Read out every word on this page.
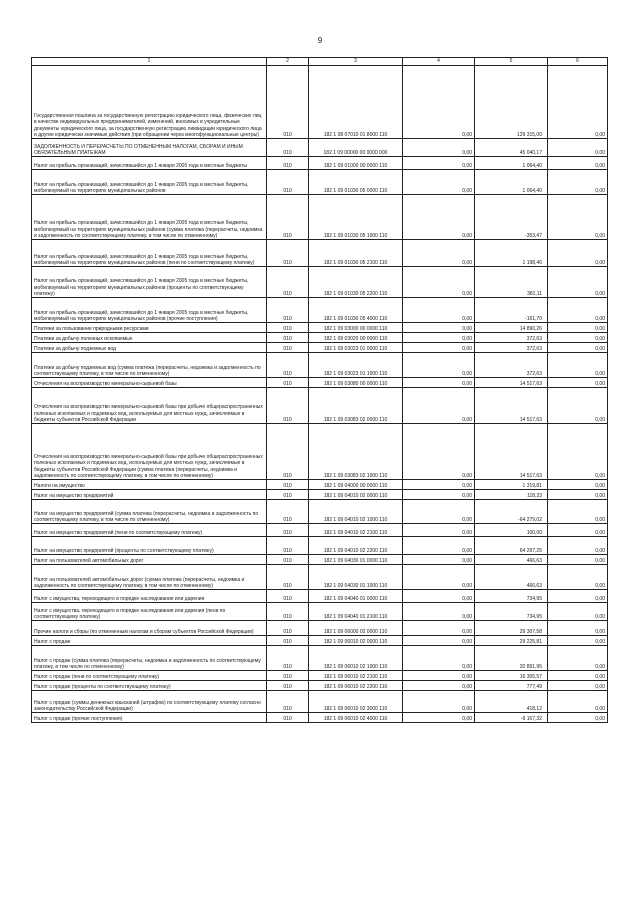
9
1	2	3	4	5	6
Государственная пошлина за государственную регистрацию юридического лица, физических лиц в качестве индивидуальных предпринимателей, изменений, вносимых в учредительные документы юридического лица, за государственную регистрацию ликвидации юридического лица и другие юридически значимые действия (при обращении через многофункциональные центры)	010	182 1 08 07010 01 8000 110	0,00	129 315,00	0,00
ЗАДОЛЖЕННОСТЬ И ПЕРЕРАСЧЕТЫ ПО ОТМЕНЕННЫМ НАЛОГАМ, СБОРАМ И ИНЫМ ОБЯЗАТЕЛЬНЫМ ПЛАТЕЖАМ	010	182 1 09 00000 00 0000 000	0,00	45 040,17	0,00
Налог на прибыль организаций, зачислявшийся до 1 января 2005 года в местные бюджеты	010	182 1 09 01000 00 0000 110	0,00	1 064,40	0,00
Налог на прибыль организаций, зачислявшийся до 1 января 2005 года в местные бюджеты, мобилизуемый на территориях муниципальных районов	010	182 1 09 01030 05 0000 110	0,00	1 064,40	0,00
Налог на прибыль организаций, зачислявшийся до 1 января 2005 года в местные бюджеты, мобилизуемый на территориях муниципальных районов (сумма платежа (перерасчеты, недоимка и задолженность по соответствующему платежу, в том числе по отмененному)	010	182 1 09 01030 05 1000 110	0,00	-353,47	0,00
Налог на прибыль организаций, зачислявшийся до 1 января 2005 года в местные бюджеты, мобилизуемый на территориях муниципальных районов (пени по соответствующему платежу)	010	182 1 09 01030 05 2100 110	0,00	1 198,46	0,00
Налог на прибыль организаций, зачислявшийся до 1 января 2005 года в местные бюджеты, мобилизуемый на территориях муниципальных районов (проценты по соответствующему платежу)	010	182 1 09 01030 05 2200 110	0,00	381,11	0,00
Налог на прибыль организаций, зачислявшийся до 1 января 2005 года в местные бюджеты, мобилизуемый на территориях муниципальных районов (прочие поступления)	010	182 1 09 01030 05 4000 110	0,00	-161,70	0,00
Платежи за пользование природными ресурсами	010	182 1 09 03000 00 0000 110	0,00	14 890,26	0,00
Платежи за добычу полезных ископаемых	010	182 1 09 03020 00 0000 110	0,00	372,63	0,00
Платежи за добычу подземных вод	010	182 1 09 03023 01 0000 110	0,00	372,63	0,00
Платежи за добычу подземных вод (сумма платежа (перерасчеты, недоимка и задолженность по соответствующему платежу, в том числе по отмененному)	010	182 1 09 03023 01 1000 110	0,00	372,63	0,00
Отчисления на воспроизводство минерально-сырьевой базы	010	182 1 09 03080 00 0000 110	0,00	14 517,63	0,00
Отчисления на воспроизводство минерально-сырьевой базы при добыче общераспространенных полезных ископаемых и подземных вод, используемых для местных нужд, зачисляемые в бюджеты субъектов Российской Федерации	010	182 1 09 03083 02 0000 110	0,00	14 517,63	0,00
Отчисления на воспроизводство минерально-сырьевой базы при добыче общераспространенных полезных ископаемых и подземных вод, используемых для местных нужд, зачисляемые в бюджеты субъектов Российской Федерации (сумма платежа (перерасчеты, недоимка и задолженность по соответствующему платежу, в том числе по отмененному)	010	182 1 09 03083 02 1000 110	0,00	14 517,63	0,00
Налоги на имущество	010	182 1 09 04000 00 0000 110	0,00	1 319,81	0,00
Налог на имущество предприятий	010	182 1 09 04010 02 0000 110	0,00	118,23	0,00
Налог на имущество предприятий (сумма платежа (перерасчеты, недоимка и задолженность по соответствующему платежу, в том числе по отмененному)	010	182 1 09 04010 02 1000 110	0,00	-64 279,02	0,00
Налог на имущество предприятий (пени по соответствующему платежу)	010	182 1 09 04010 02 2100 110	0,00	100,00	0,00
Налог на имущество предприятий (проценты по соответствующему платежу)	010	182 1 09 04010 02 2200 110	0,00	64 297,25	0,00
Налог на пользователей автомобильных дорог	010	182 1 09 04030 01 0000 110	0,00	466,63	0,00
Налог на пользователей автомобильных дорог (сумма платежа (перерасчеты, недоимка и задолженность по соответствующему платежу, в том числе по отмененному)	010	182 1 09 04030 01 1000 110	0,00	466,63	0,00
Налог с имущества, переходящего в порядке наследования или дарения	010	182 1 09 04040 01 0000 110	0,00	734,95	0,00
Налог с имущества, переходящего в порядке наследования или дарения (пени по соответствующему платежу)	010	182 1 09 04040 01 2100 110	0,00	734,95	0,00
Прочие налоги и сборы (по отмененным налогам и сборам субъектов Российской Федерации)	010	182 1 09 06000 02 0000 110	0,00	29 307,58	0,00
Налог с продаж	010	182 1 09 06010 02 0000 110	0,00	29 225,81	0,00
Налог с продаж (сумма платежа (перерасчеты, недоимка и задолженность по соответствующему платежу, в том числе по отмененному)	010	182 1 09 06010 02 1000 110	0,00	20 891,95	0,00
Налог с продаж (пени по соответствующему платежу)	010	182 1 09 06010 02 2100 110	0,00	16 305,57	0,00
Налог с продаж (проценты по соответствующему платежу)	010	182 1 09 06010 02 2200 110	0,00	777,49	0,00
Налог с продаж (суммы денежных взысканий (штрафов) по соответствующему платежу согласно законодательству Российской Федерации)	010	182 1 09 06010 02 3000 110	0,00	418,12	0,00
Налог с продаж (прочие поступления)	010	182 1 09 06010 02 4000 110	0,00	-9 167,32	0,00
